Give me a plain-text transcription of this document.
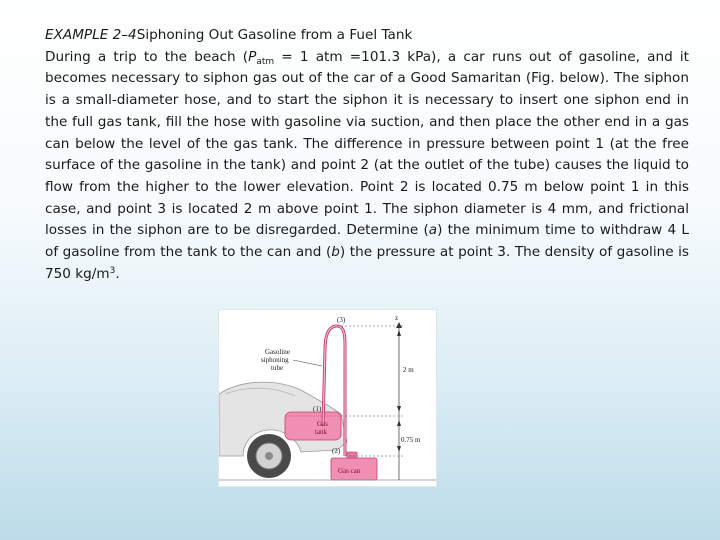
EXAMPLE 2–4Siphoning Out Gasoline from a Fuel Tank

During a trip to the beach ($P_{atm} = 1$ atm =101.3 kPa), a car runs out of gasoline, and it becomes necessary to siphon gas out of the car of a Good Samaritan (Fig. below). The siphon is a small-diameter hose, and to start the siphon it is necessary to insert one siphon end in the full gas tank, fill the hose with gasoline via suction, and then place the other end in a gas can below the level of the gas tank. The difference in pressure between point 1 (at the free surface of the gasoline in the tank) and point 2 (at the outlet of the tube) causes the liquid to flow from the higher to the lower elevation. Point 2 is located 0.75 m below point 1 in this case, and point 3 is located 2 m above point 1. The siphon diameter is 4 mm, and frictional losses in the siphon are to be disregarded. Determine (a) the minimum time to withdraw 4 L of gasoline from the tank to the can and (b) the pressure at point 3. The density of gasoline is 750 $kg/m^3$.

z
2 m
0.75 m
(3)
(1)
(2)
Gasoline
siphoning
tube
Gas
tank
Gas can
